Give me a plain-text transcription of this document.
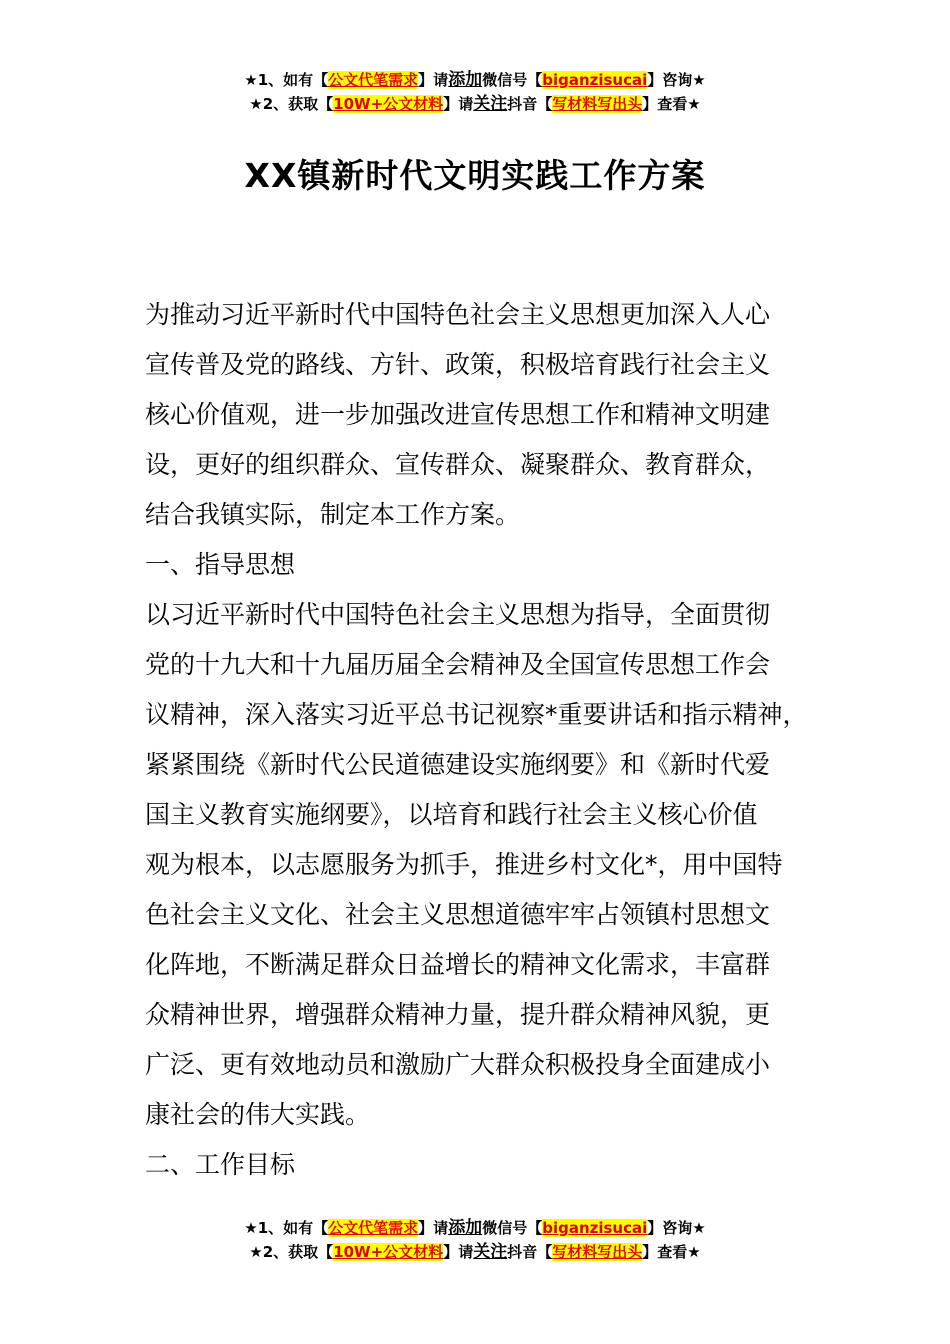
★1、如有【公文代笔需求】请添加微信号【biganzisucai】咨询★
★2、获取【10W+公文材料】请关注抖音【写材料写出头】查看★
XX镇新时代文明实践工作方案

为推动习近平新时代中国特色社会主义思想更加深入人心

宣传普及党的路线、方针、政策，积极培育践行社会主义

核心价值观，进一步加强改进宣传思想工作和精神文明建

设，更好的组织群众、宣传群众、凝聚群众、教育群众，

结合我镇实际，制定本工作方案。

一、指导思想

以习近平新时代中国特色社会主义思想为指导，全面贯彻

党的十九大和十九届历届全会精神及全国宣传思想工作会

议精神，深入落实习近平总书记视察*重要讲话和指示精神，

紧紧围绕《新时代公民道德建设实施纲要》和《新时代爱

国主义教育实施纲要》，以培育和践行社会主义核心价值

观为根本，以志愿服务为抓手，推进乡村文化*，用中国特

色社会主义文化、社会主义思想道德牢牢占领镇村思想文

化阵地，不断满足群众日益增长的精神文化需求，丰富群

众精神世界，增强群众精神力量，提升群众精神风貌，更

广泛、更有效地动员和激励广大群众积极投身全面建成小

康社会的伟大实践。

二、工作目标

★1、如有【公文代笔需求】请添加微信号【biganzisucai】咨询★
★2、获取【10W+公文材料】请关注抖音【写材料写出头】查看★
